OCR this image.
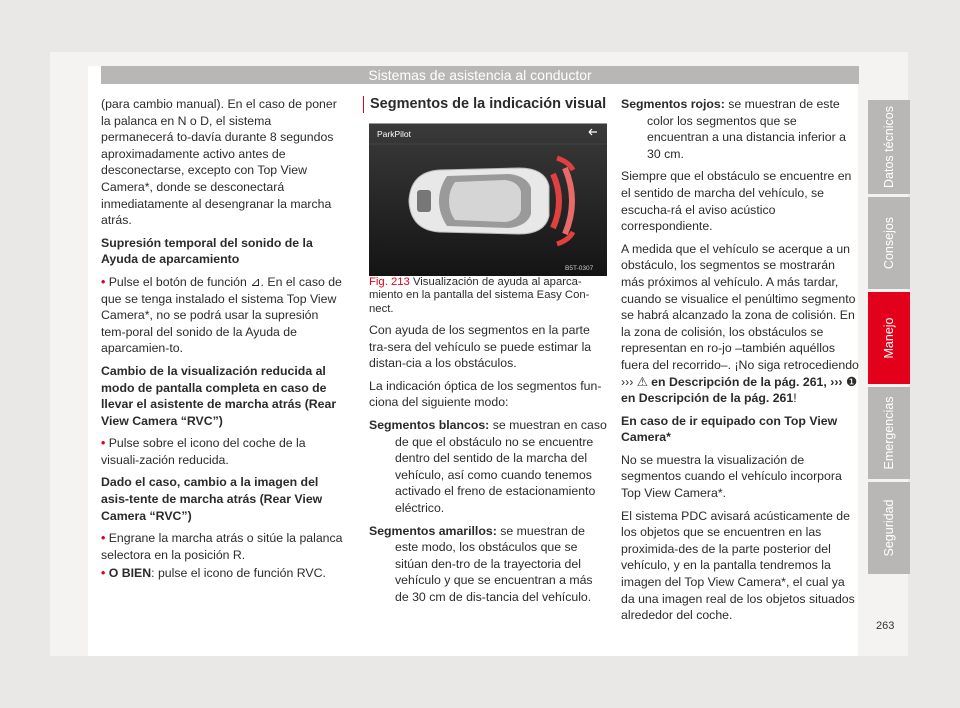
Sistemas de asistencia al conductor

(para cambio manual). En el caso de poner la palanca en N o D, el sistema permanecerá to-davía durante 8 segundos aproximadamente activo antes de desconectarse, excepto con Top View Camera*, donde se desconectará inmediatamente al desengranar la marcha atrás.

Supresión temporal del sonido de la Ayuda de aparcamiento

• Pulse el botón de función ⊿. En el caso de que se tenga instalado el sistema Top View Camera*, no se podrá usar la supresión tem-poral del sonido de la Ayuda de aparcamien-to.

Cambio de la visualización reducida al modo de pantalla completa en caso de llevar el asistente de marcha atrás (Rear View Camera “RVC”)

• Pulse sobre el icono del coche de la visuali-zación reducida.

Dado el caso, cambio a la imagen del asis-tente de marcha atrás (Rear View Camera “RVC”)

• Engrane la marcha atrás o sitúe la palanca selectora en la posición R.

• O BIEN: pulse el icono de función RVC.

Segmentos de la indicación visual
ParkPilot
B5T-0307

Fig. 213 Visualización de ayuda al aparca-miento en la pantalla del sistema Easy Con-nect.

Con ayuda de los segmentos en la parte tra-sera del vehículo se puede estimar la distan-cia a los obstáculos.

La indicación óptica de los segmentos fun-ciona del siguiente modo:

Segmentos blancos: se muestran en caso de que el obstáculo no se encuentre dentro del sentido de la marcha del vehículo, así como cuando tenemos activado el freno de estacionamiento eléctrico.

Segmentos amarillos: se muestran de este modo, los obstáculos que se sitúan den-tro de la trayectoria del vehículo y que se encuentran a más de 30 cm de dis-tancia del vehículo.

Segmentos rojos: se muestran de este color los segmentos que se encuentran a una distancia inferior a 30 cm.

Siempre que el obstáculo se encuentre en el sentido de marcha del vehículo, se escucha-rá el aviso acústico correspondiente.

A medida que el vehículo se acerque a un obstáculo, los segmentos se mostrarán más próximos al vehículo. A más tardar, cuando se visualice el penúltimo segmento se habrá alcanzado la zona de colisión. En la zona de colisión, los obstáculos se representan en ro-jo –también aquéllos fuera del recorrido–. ¡No siga retrocediendo ››› ⚠ en Descripción de la pág. 261, ››› ❶ en Descripción de la pág. 261!

En caso de ir equipado con Top View Camera*

No se muestra la visualización de segmentos cuando el vehículo incorpora Top View Camera*.

El sistema PDC avisará acústicamente de los objetos que se encuentren en las proximida-des de la parte posterior del vehículo, y en la pantalla tendremos la imagen del Top View Camera*, el cual ya da una imagen real de los objetos situados alrededor del coche.

Datos técnicos
Consejos
Manejo
Emergencias
Seguridad
263
